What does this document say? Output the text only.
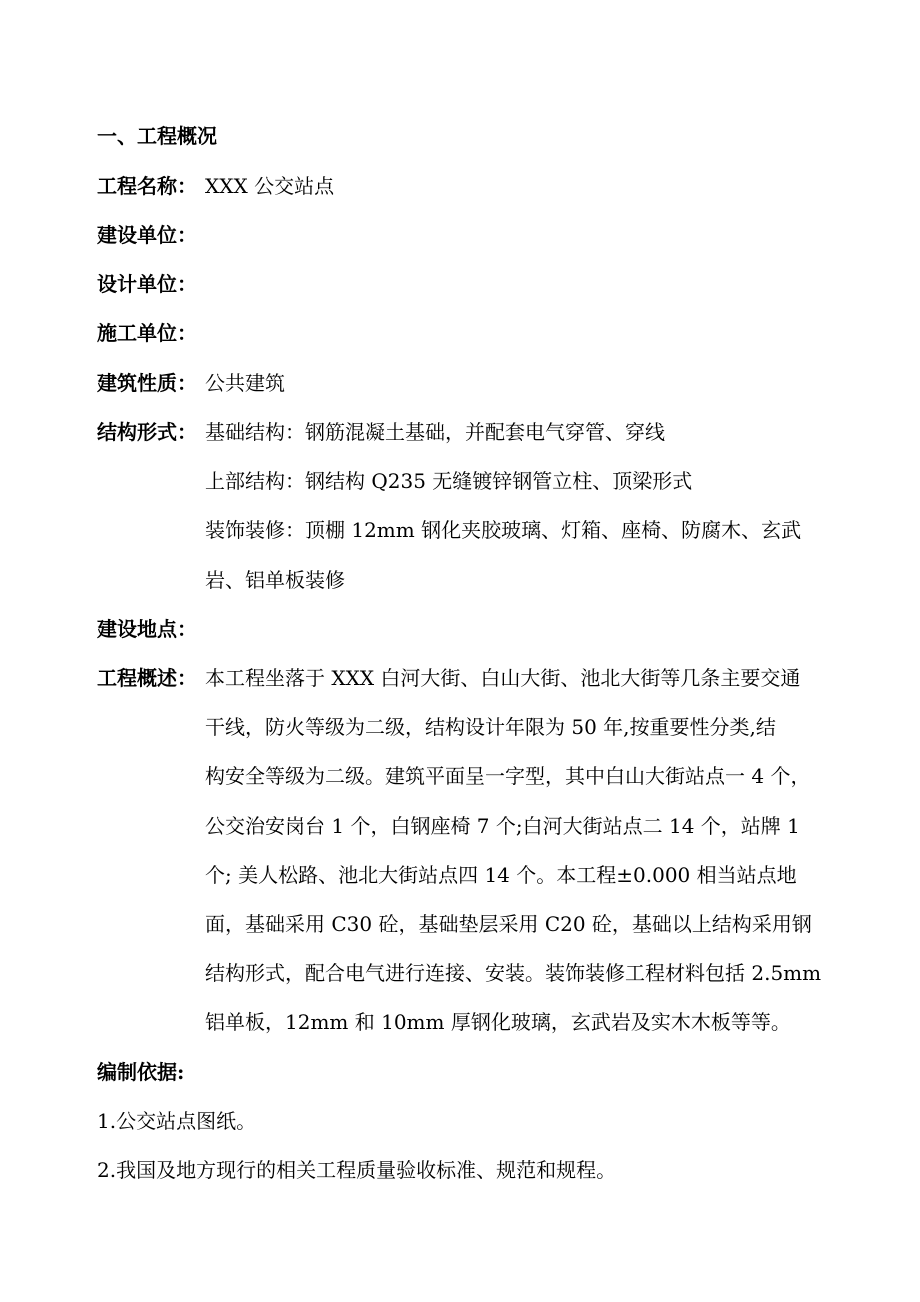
一、工程概况
工程名称： XXX 公交站点
建设单位：
设计单位：
施工单位：
建筑性质： 公共建筑
结构形式： 基础结构：钢筋混凝土基础，并配套电气穿管、穿线
上部结构：钢结构 Q235 无缝镀锌钢管立柱、顶梁形式
装饰装修：顶棚 12mm 钢化夹胶玻璃、灯箱、座椅、防腐木、玄武
岩、铝单板装修
建设地点：
工程概述： 本工程坐落于 XXX 白河大街、白山大街、池北大街等几条主要交通
干线，防火等级为二级，结构设计年限为 50 年,按重要性分类,结
构安全等级为二级。建筑平面呈一字型，其中白山大街站点一 4 个，
公交治安岗台 1 个，白钢座椅 7 个;白河大街站点二 14 个，站牌 1
个; 美人松路、池北大街站点四 14 个。本工程±0.000 相当站点地
面，基础采用 C30 砼，基础垫层采用 C20 砼，基础以上结构采用钢
结构形式，配合电气进行连接、安装。装饰装修工程材料包括 2.5mm
铝单板，12mm 和 10mm 厚钢化玻璃，玄武岩及实木木板等等。
编制依据:
1.公交站点图纸。
2.我国及地方现行的相关工程质量验收标准、规范和规程。
